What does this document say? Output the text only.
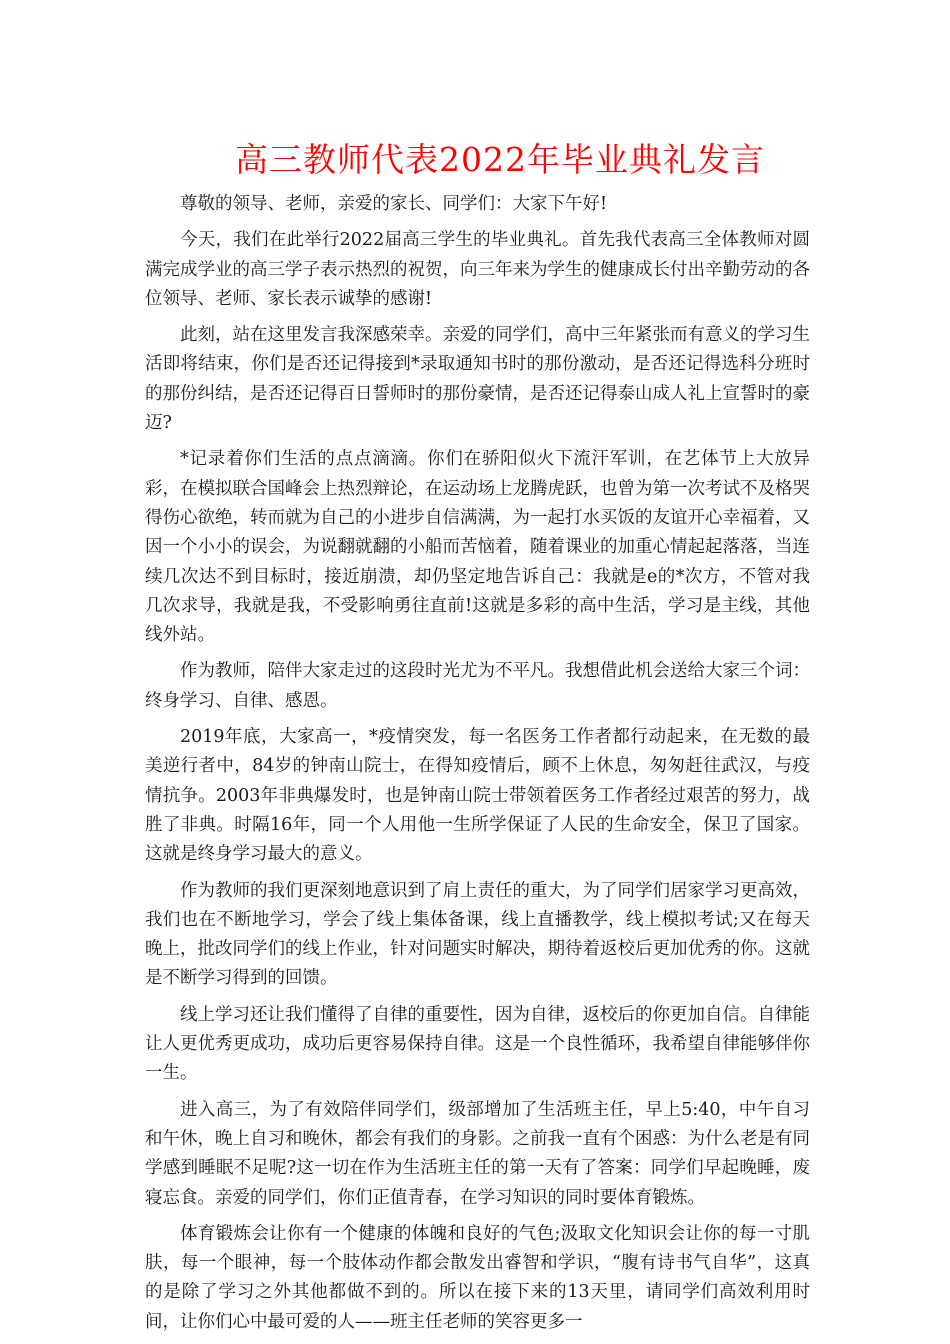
高三教师代表2022年毕业典礼发言

尊敬的领导、老师，亲爱的家长、同学们：大家下午好!

今天，我们在此举行2022届高三学生的毕业典礼。首先我代表高三全体教师对圆满完成学业的高三学子表示热烈的祝贺，向三年来为学生的健康成长付出辛勤劳动的各位领导、老师、家长表示诚挚的感谢!

此刻，站在这里发言我深感荣幸。亲爱的同学们，高中三年紧张而有意义的学习生活即将结束，你们是否还记得接到*录取通知书时的那份激动，是否还记得选科分班时的那份纠结，是否还记得百日誓师时的那份豪情，是否还记得泰山成人礼上宣誓时的豪迈?

*记录着你们生活的点点滴滴。你们在骄阳似火下流汗军训，在艺体节上大放异彩，在模拟联合国峰会上热烈辩论，在运动场上龙腾虎跃，也曾为第一次考试不及格哭得伤心欲绝，转而就为自己的小进步自信满满，为一起打水买饭的友谊开心幸福着，又因一个小小的误会，为说翻就翻的小船而苦恼着，随着课业的加重心情起起落落，当连续几次达不到目标时，接近崩溃，却仍坚定地告诉自己：我就是e的*次方，不管对我几次求导，我就是我，不受影响勇往直前!这就是多彩的高中生活，学习是主线，其他线外站。

作为教师，陪伴大家走过的这段时光尤为不平凡。我想借此机会送给大家三个词：终身学习、自律、感恩。

2019年底，大家高一，*疫情突发，每一名医务工作者都行动起来，在无数的最美逆行者中，84岁的钟南山院士，在得知疫情后，顾不上休息，匆匆赶往武汉，与疫情抗争。2003年非典爆发时，也是钟南山院士带领着医务工作者经过艰苦的努力，战胜了非典。时隔16年，同一个人用他一生所学保证了人民的生命安全，保卫了国家。这就是终身学习最大的意义。

作为教师的我们更深刻地意识到了肩上责任的重大，为了同学们居家学习更高效，我们也在不断地学习，学会了线上集体备课，线上直播教学，线上模拟考试;又在每天晚上，批改同学们的线上作业，针对问题实时解决，期待着返校后更加优秀的你。这就是不断学习得到的回馈。

线上学习还让我们懂得了自律的重要性，因为自律，返校后的你更加自信。自律能让人更优秀更成功，成功后更容易保持自律。这是一个良性循环，我希望自律能够伴你一生。

进入高三，为了有效陪伴同学们，级部增加了生活班主任，早上5:40，中午自习和午休，晚上自习和晚休，都会有我们的身影。之前我一直有个困惑：为什么老是有同学感到睡眠不足呢?这一切在作为生活班主任的第一天有了答案：同学们早起晚睡，废寝忘食。亲爱的同学们，你们正值青春，在学习知识的同时要体育锻炼。

体育锻炼会让你有一个健康的体魄和良好的气色;汲取文化知识会让你的每一寸肌肤，每一个眼神，每一个肢体动作都会散发出睿智和学识，“腹有诗书气自华”，这真的是除了学习之外其他都做不到的。所以在接下来的13天里，请同学们高效利用时间，让你们心中最可爱的人——班主任老师的笑容更多一
